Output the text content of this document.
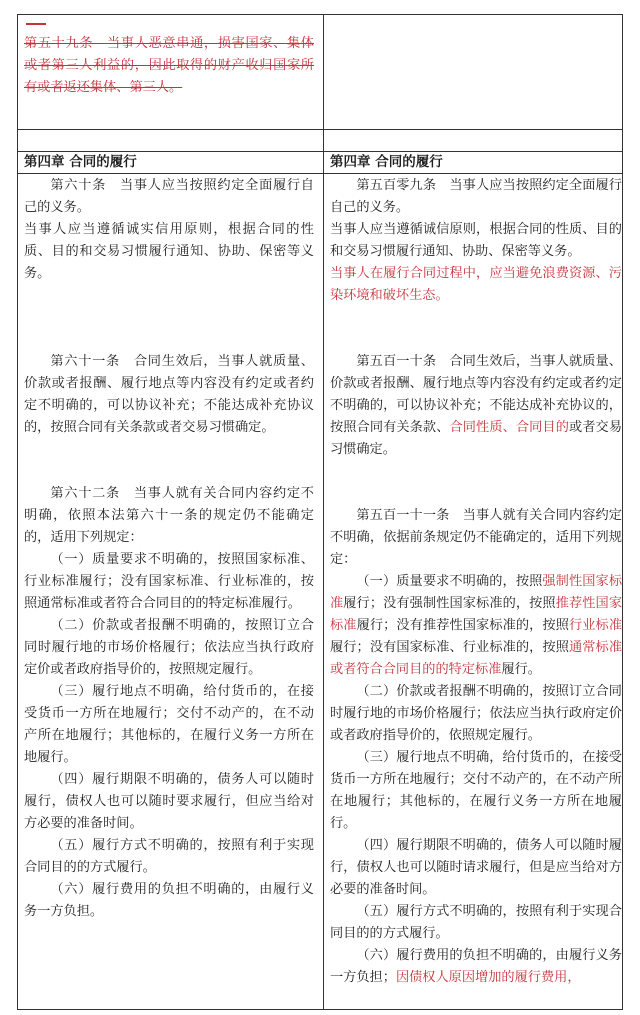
第五十九条　当事人恶意串通，损害国家、集体或者第三人利益的，因此取得的财产收归国家所有或者返还集体、第三人。

第四章 合同的履行	第四章 合同的履行

第六十条　当事人应当按照约定全面履行自己的义务。

当事人应当遵循诚实信用原则，根据合同的性质、目的和交易习惯履行通知、协助、保密等义务。

第六十一条　合同生效后，当事人就质量、价款或者报酬、履行地点等内容没有约定或者约定不明确的，可以协议补充；不能达成补充协议的，按照合同有关条款或者交易习惯确定。

第六十二条　当事人就有关合同内容约定不明确，依照本法第六十一条的规定仍不能确定的，适用下列规定：

（一）质量要求不明确的，按照国家标准、行业标准履行；没有国家标准、行业标准的，按照通常标准或者符合合同目的的特定标准履行。

（二）价款或者报酬不明确的，按照订立合同时履行地的市场价格履行；依法应当执行政府定价或者政府指导价的，按照规定履行。

（三）履行地点不明确，给付货币的，在接受货币一方所在地履行；交付不动产的，在不动产所在地履行；其他标的，在履行义务一方所在地履行。

（四）履行期限不明确的，债务人可以随时履行，债权人也可以随时要求履行，但应当给对方必要的准备时间。

（五）履行方式不明确的，按照有利于实现合同目的的方式履行。

（六）履行费用的负担不明确的，由履行义务一方负担。

第五百零九条　当事人应当按照约定全面履行自己的义务。

当事人应当遵循诚信原则，根据合同的性质、目的和交易习惯履行通知、协助、保密等义务。

当事人在履行合同过程中，应当避免浪费资源、污染环境和破坏生态。

第五百一十条　合同生效后，当事人就质量、价款或者报酬、履行地点等内容没有约定或者约定不明确的，可以协议补充；不能达成补充协议的，按照合同有关条款、合同性质、合同目的或者交易习惯确定。

第五百一十一条　当事人就有关合同内容约定不明确，依据前条规定仍不能确定的，适用下列规定：

（一）质量要求不明确的，按照强制性国家标准履行；没有强制性国家标准的，按照推荐性国家标准履行；没有推荐性国家标准的，按照行业标准履行；没有国家标准、行业标准的，按照通常标准或者符合合同目的的特定标准履行。

（二）价款或者报酬不明确的，按照订立合同时履行地的市场价格履行；依法应当执行政府定价或者政府指导价的，依照规定履行。

（三）履行地点不明确，给付货币的，在接受货币一方所在地履行；交付不动产的，在不动产所在地履行；其他标的，在履行义务一方所在地履行。

（四）履行期限不明确的，债务人可以随时履行，债权人也可以随时请求履行，但是应当给对方必要的准备时间。

（五）履行方式不明确的，按照有利于实现合同目的的方式履行。

（六）履行费用的负担不明确的，由履行义务一方负担；因债权人原因增加的履行费用，
